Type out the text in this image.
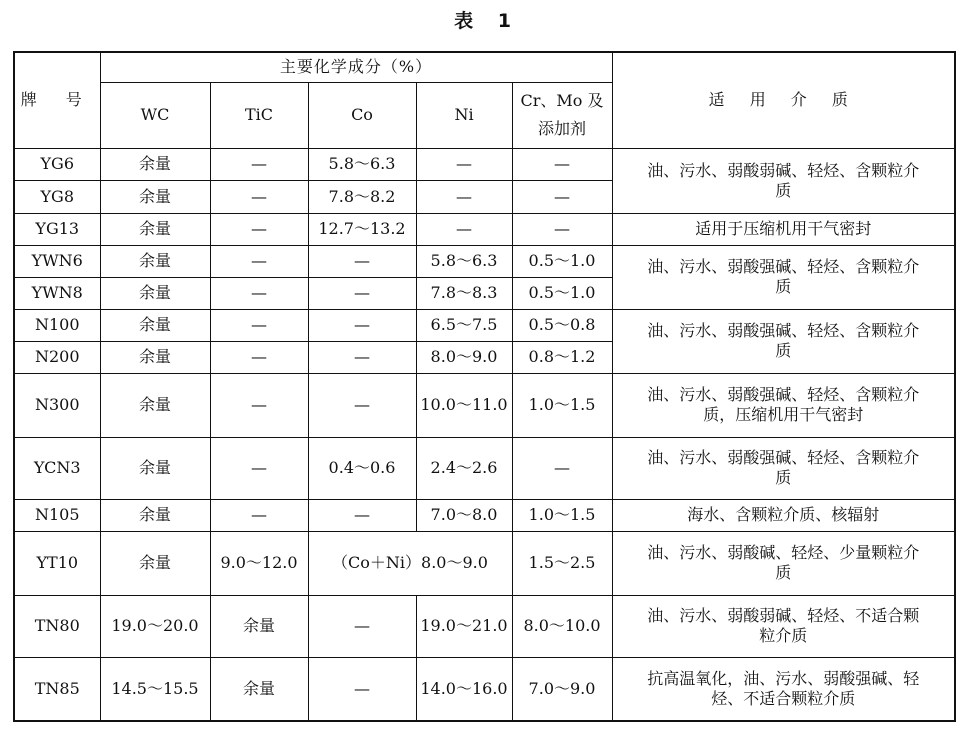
表 1
牌 号	主要化学成分（%）					适 用 介 质
	WC	TiC	Co	Ni	Cr、Mo 及
添加剂	

YG6	余量	—	5.8～6.3	—	—	油、污水、弱酸弱碱、轻烃、含颗粒介
质

YG8	余量	—	7.8～8.2	—	—	
YG13	余量	—	12.7～13.2	—	—	适用于压缩机用干气密封

YWN6	余量	—	—	5.8～6.3	0.5～1.0	油、污水、弱酸强碱、轻烃、含颗粒介
质

YWN8	余量	—	—	7.8～8.3	0.5～1.0	
N100	余量	—	—	6.5～7.5	0.5～0.8	油、污水、弱酸强碱、轻烃、含颗粒介
质

N200	余量	—	—	8.0～9.0	0.8～1.2	
N300	余量	—	—	10.0～11.0	1.0～1.5	油、污水、弱酸强碱、轻烃、含颗粒介
质，压缩机用干气密封

YCN3	余量	—	0.4～0.6	2.4～2.6	—	油、污水、弱酸强碱、轻烃、含颗粒介
质

N105	余量	—	—	7.0～8.0	1.0～1.5	海水、含颗粒介质、核辐射

YT10	余量	9.0～12.0	（Co＋Ni）8.0～9.0		1.5～2.5	油、污水、弱酸碱、轻烃、少量颗粒介
质

TN80	19.0～20.0	余量	—	19.0～21.0	8.0～10.0	油、污水、弱酸弱碱、轻烃、不适合颗
粒介质

TN85	14.5～15.5	余量	—	14.0～16.0	7.0～9.0	抗高温氧化，油、污水、弱酸强碱、轻
烃、不适合颗粒介质
